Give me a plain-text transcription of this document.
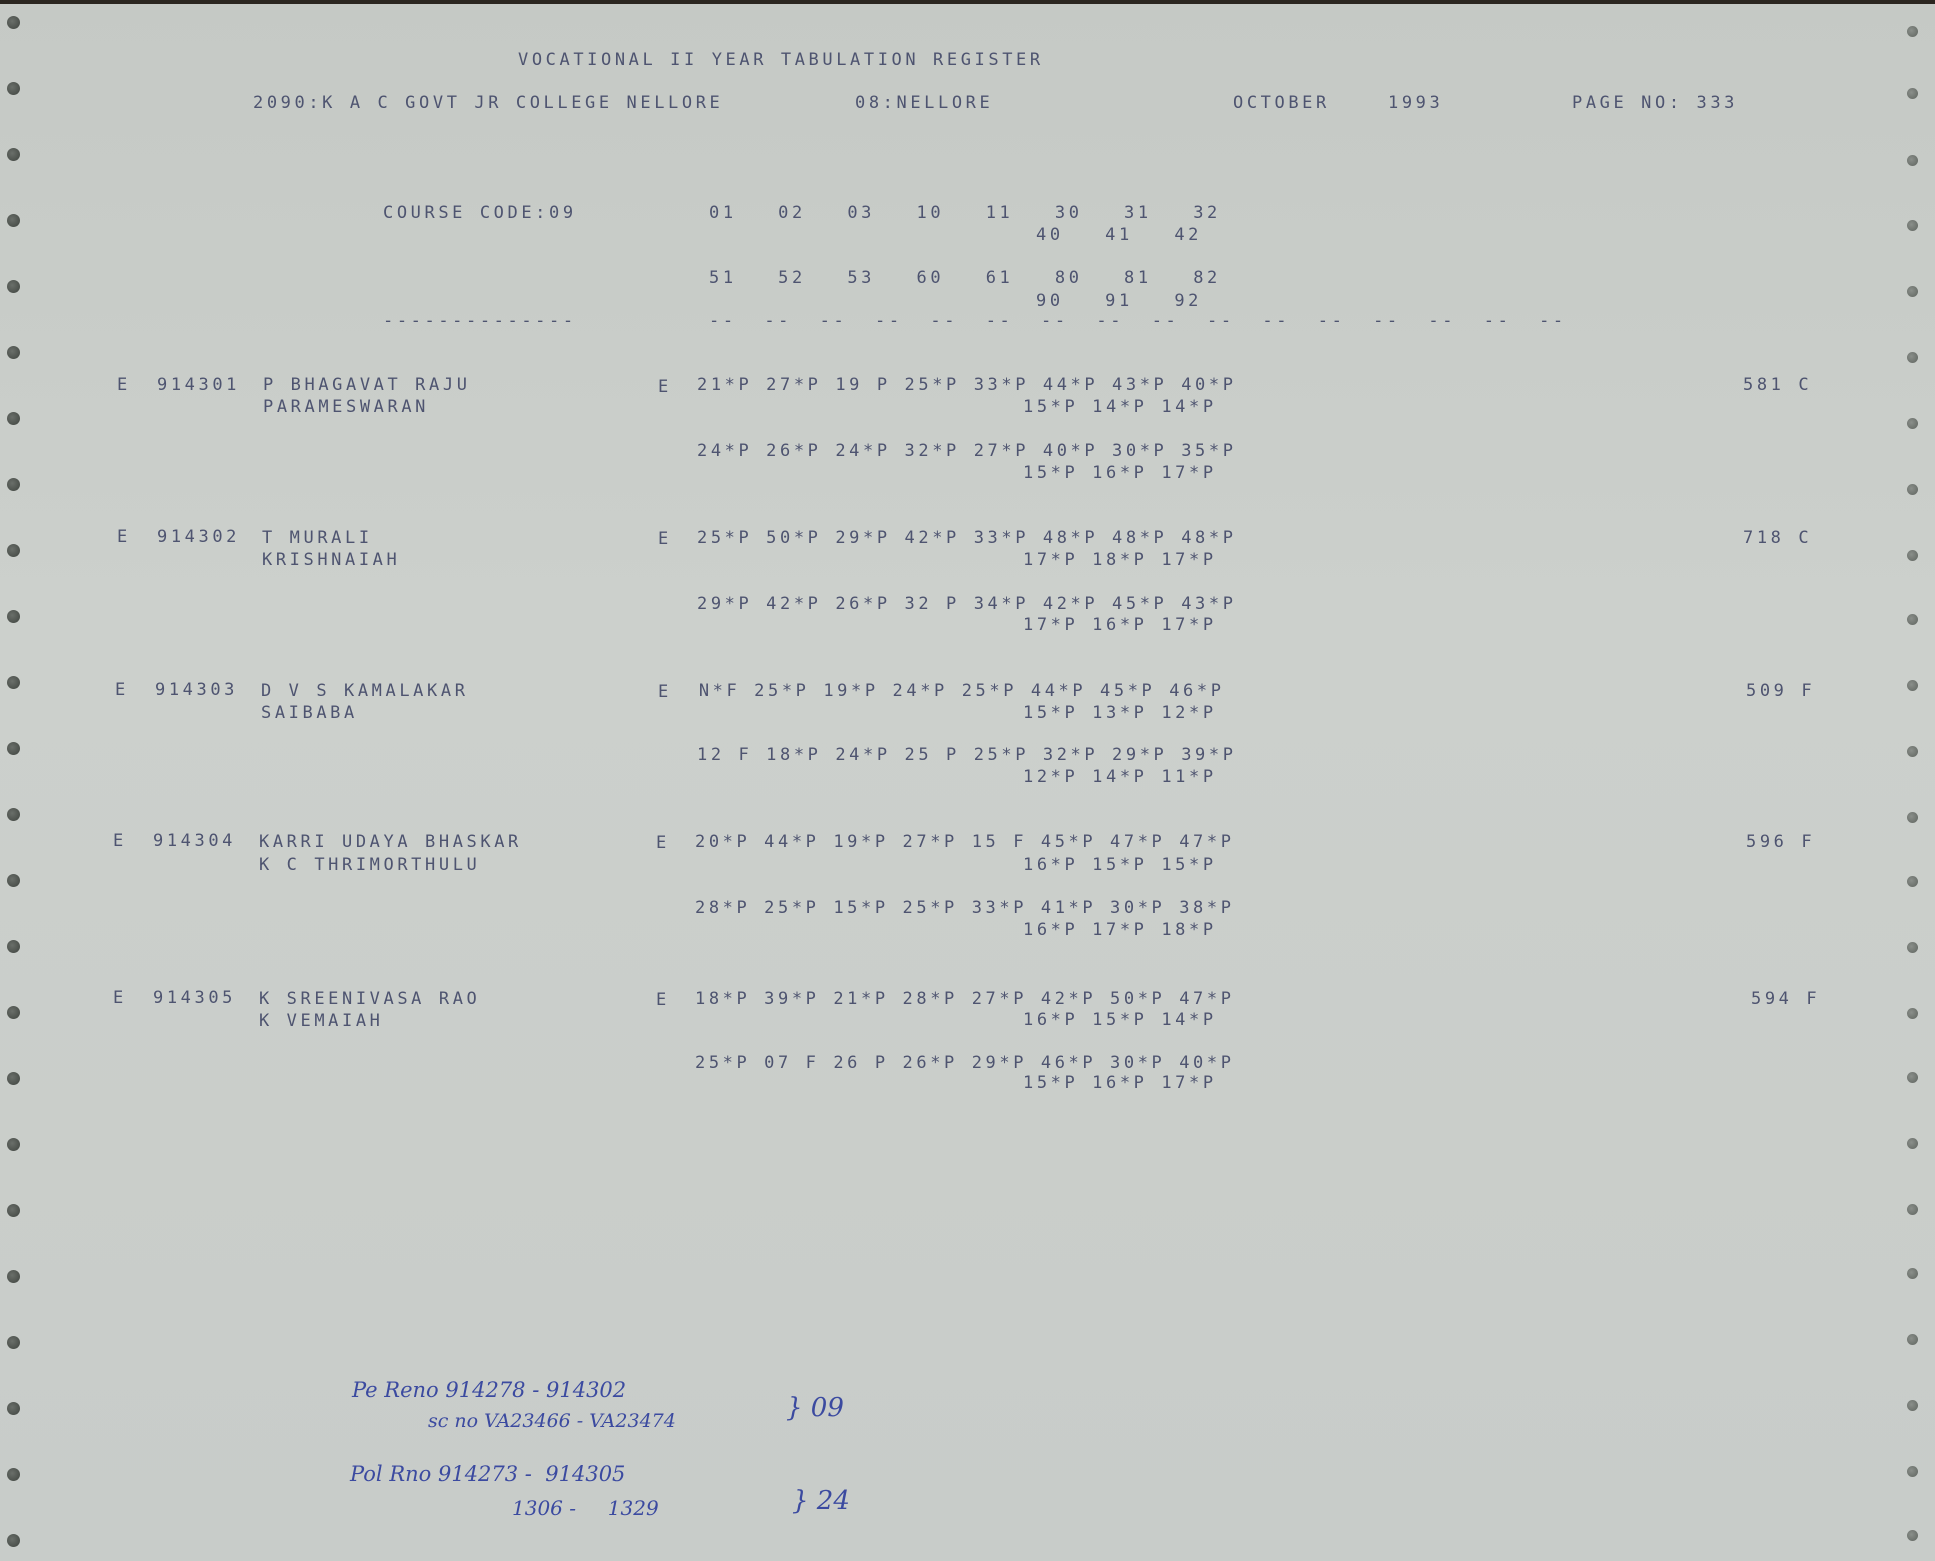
VOCATIONAL II YEAR TABULATION REGISTER
2090:K A C GOVT JR COLLEGE NELLORE	08:NELLORE	OCTOBER	1993	PAGE NO: 333
COURSE CODE:09	01   02   03   10   11   30   31   32
40   41   42
51   52   53   60   61   80   81   82
90   91   92
--------------	--  --  --  --  --  --  --  --  --  --  --  --  --  --  --  --
E 914301 P BHAGAVAT RAJU
PARAMESWARAN
E 21*P 27*P 19 P 25*P 33*P 44*P 43*P 40*P
15*P 14*P 14*P
24*P 26*P 24*P 32*P 27*P 40*P 30*P 35*P
15*P 16*P 17*P
581 C
E 914302 T MURALI
KRISHNAIAH
E 25*P 50*P 29*P 42*P 33*P 48*P 48*P 48*P
17*P 18*P 17*P
29*P 42*P 26*P 32 P 34*P 42*P 45*P 43*P
17*P 16*P 17*P
718 C
E 914303 D V S KAMALAKAR
SAIBABA
E N*F 25*P 19*P 24*P 25*P 44*P 45*P 46*P
15*P 13*P 12*P
12 F 18*P 24*P 25 P 25*P 32*P 29*P 39*P
12*P 14*P 11*P
509 F
E 914304 KARRI UDAYA BHASKAR
K C THRIMORTHULU
E 20*P 44*P 19*P 27*P 15 F 45*P 47*P 47*P
16*P 15*P 15*P
28*P 25*P 15*P 25*P 33*P 41*P 30*P 38*P
16*P 17*P 18*P
596 F
E 914305 K SREENIVASA RAO
K VEMAIAH
E 18*P 39*P 21*P 28*P 27*P 42*P 50*P 47*P
16*P 15*P 14*P
25*P 07 F 26 P 26*P 29*P 46*P 30*P 40*P
15*P 16*P 17*P
594 F
Pe Reno 914278 - 914302
sc no VA23466 - VA23474	} 09
Pol Rno 914273 -  914305
1306 -     1329	} 24
